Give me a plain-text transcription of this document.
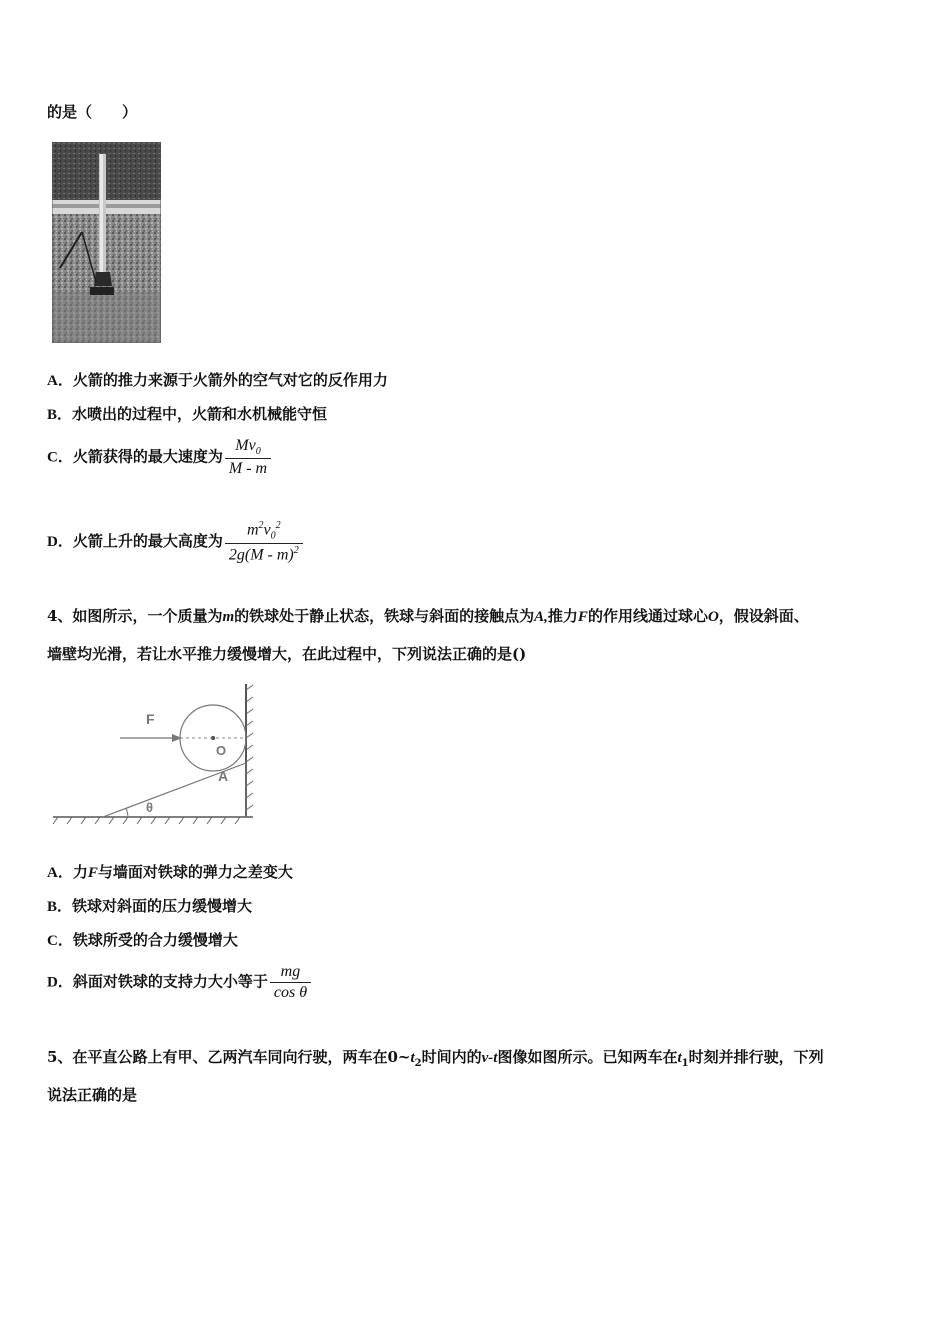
的是（　　）
A．火箭的推力来源于火箭外的空气对它的反作用力
B．水喷出的过程中，火箭和水机械能守恒
C．火箭获得的最大速度为 $\frac{Mv_0}{M - m}$
D．火箭上升的最大高度为 $\frac{m^2v_0^2}{2g(M - m)^2}$
4、如图所示，一个质量为m的铁球处于静止状态，铁球与斜面的接触点为A,推力F的作用线通过球心O，假设斜面、
墙壁均光滑，若让水平推力缓慢增大，在此过程中，下列说法正确的是()
F
O
A
θ
A．力F与墙面对铁球的弹力之差变大
B．铁球对斜面的压力缓慢增大
C．铁球所受的合力缓慢增大
D．斜面对铁球的支持力大小等于 $\frac{mg}{\text{cos θ}}$
5、在平直公路上有甲、乙两汽车同向行驶，两车在$0\sim t_2$时间内的v-t图像如图所示。已知两车在$t_1$时刻并排行驶，下列
说法正确的是
